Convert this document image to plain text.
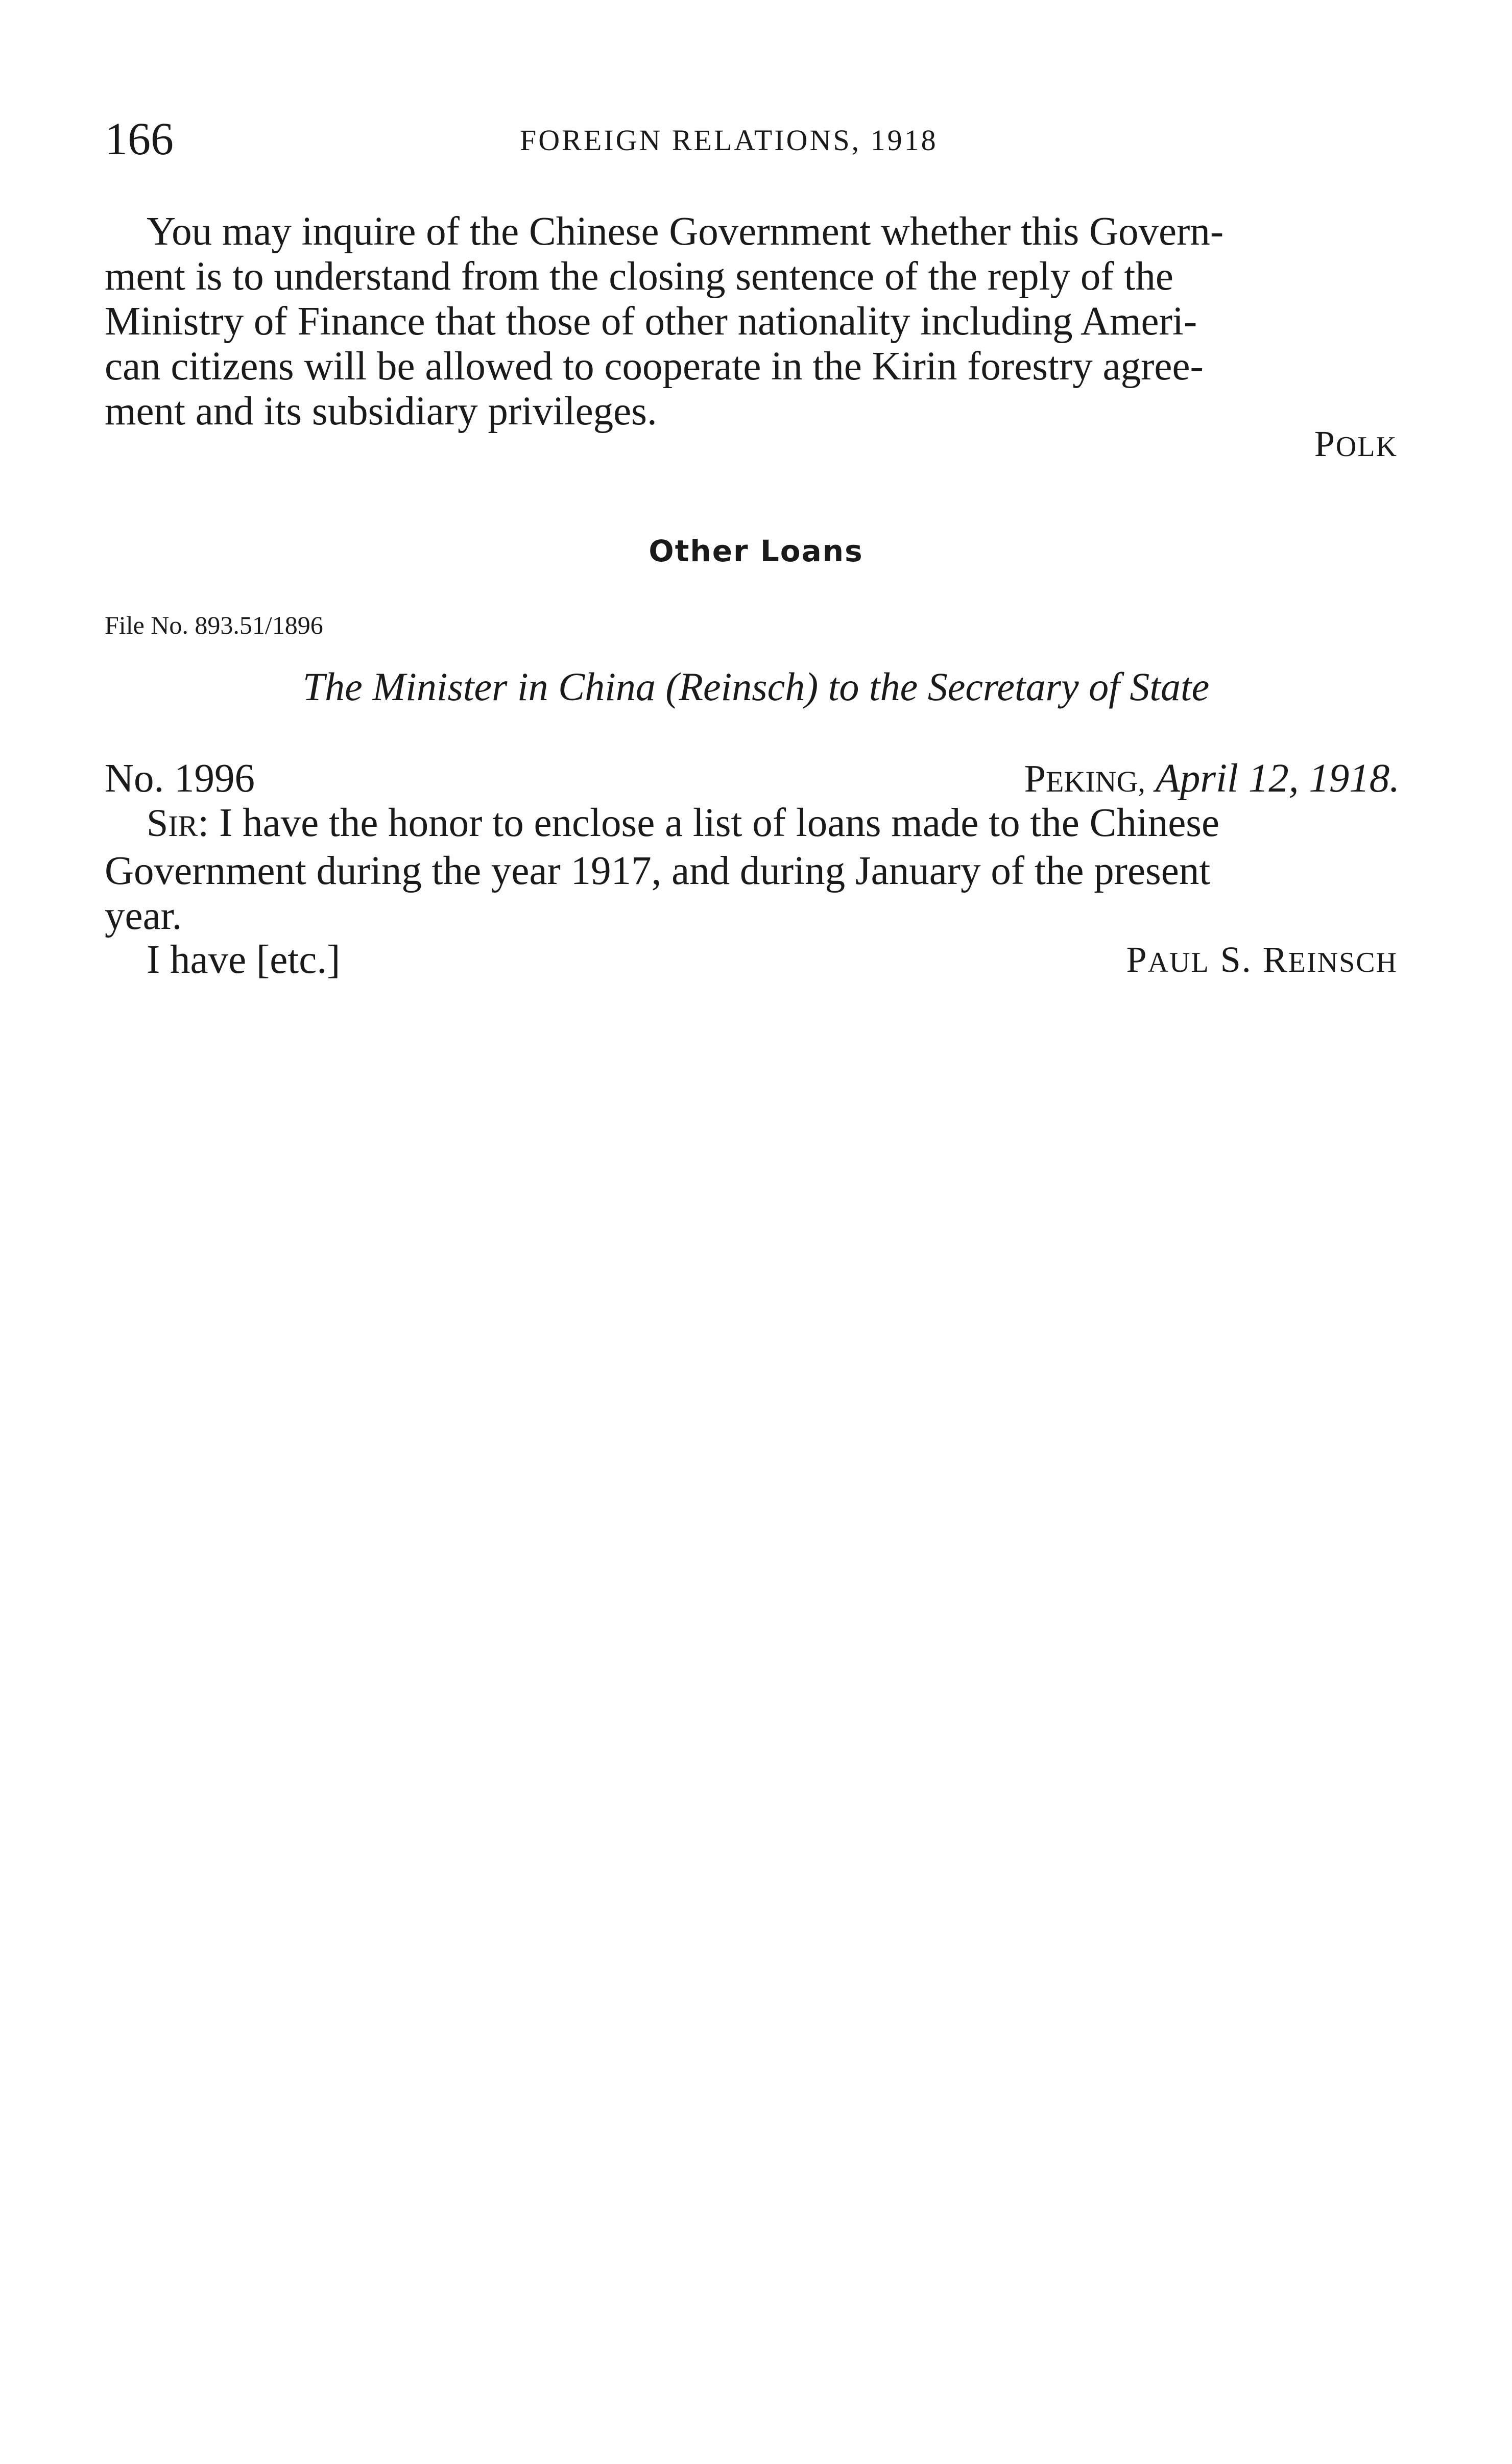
166	FOREIGN RELATIONS, 1918
You may inquire of the Chinese Government whether this Govern-
ment is to understand from the closing sentence of the reply of the
Ministry of Finance that those of other nationality including Ameri-
can citizens will be allowed to cooperate in the Kirin forestry agree-
ment and its subsidiary privileges.
POLK
Other Loans
File No. 893.51/1896
The Minister in China (Reinsch) to the Secretary of State
No. 1996	PEKING, April 12, 1918.
SIR: I have the honor to enclose a list of loans made to the Chinese
Government during the year 1917, and during January of the present
year.
I have [etc.]	PAUL S. REINSCH
